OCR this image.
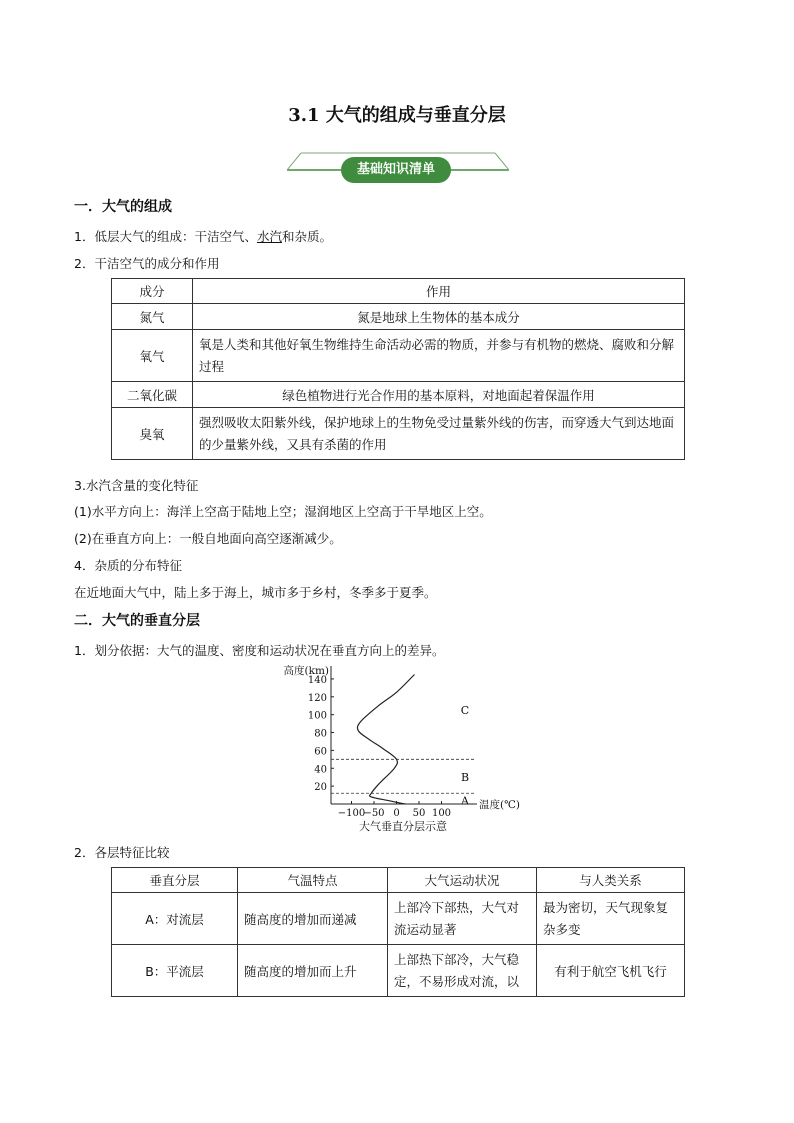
3.1 大气的组成与垂直分层
基础知识清单
一．大气的组成
1．低层大气的组成：干洁空气、水汽和杂质。
2．干洁空气的成分和作用
成分	作用
氮气	氮是地球上生物体的基本成分
氧气	氧是人类和其他好氧生物维持生命活动必需的物质，并参与有机物的燃烧、腐败和分解过程
二氧化碳	绿色植物进行光合作用的基本原料，对地面起着保温作用
臭氧	强烈吸收太阳紫外线，保护地球上的生物免受过量紫外线的伤害，而穿透大气到达地面的少量紫外线，又具有杀菌的作用
3.水汽含量的变化特征
(1)水平方向上：海洋上空高于陆地上空；湿润地区上空高于干旱地区上空。
(2)在垂直方向上：一般自地面向高空逐渐减少。
4．杂质的分布特征
在近地面大气中，陆上多于海上，城市多于乡村，冬季多于夏季。
二．大气的垂直分层
1．划分依据：大气的温度、密度和运动状况在垂直方向上的差异。
20
40
60
80
100
120
140
−100
−50 0 50 100
高度(km)
温度(℃)
A
B
C
大气垂直分层示意
2．各层特征比较
垂直分层	气温特点	大气运动状况	与人类关系
A：对流层	随高度的增加而递减	上部冷下部热，大气对流运动显著	最为密切，天气现象复杂多变
B：平流层	随高度的增加而上升	上部热下部冷，大气稳定，不易形成对流，以	有利于航空飞机飞行
